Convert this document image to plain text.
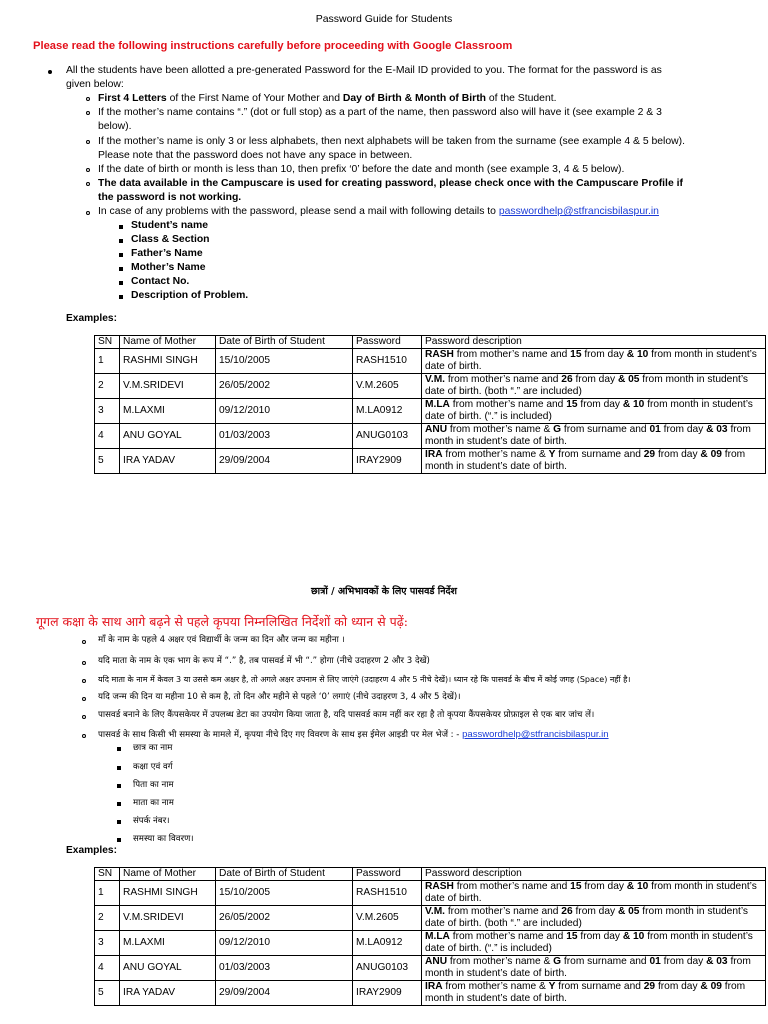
Password Guide for Students
Please read the following instructions carefully before proceeding with Google Classroom
All the students have been allotted a pre-generated Password for the E-Mail ID provided to you. The format for the password is as
given below:
First 4 Letters of the First Name of Your Mother and Day of Birth & Month of Birth of the Student.
If the mother’s name contains “.” (dot or full stop) as a part of the name, then password also will have it (see example 2 & 3
below).
If the mother’s name is only 3 or less alphabets, then next alphabets will be taken from the surname (see example 4 & 5 below).
Please note that the password does not have any space in between.
If the date of birth or month is less than 10, then prefix ‘0’ before the date and month (see example 3, 4 & 5 below).
The data available in the Campuscare is used for creating password, please check once with the Campuscare Profile if
the password is not working.
In case of any problems with the password, please send a mail with following details to passwordhelp@stfrancisbilaspur.in
Student’s name
Class & Section
Father’s Name
Mother’s Name
Contact No.
Description of Problem.
Examples:
SN	Name of Mother	Date of Birth of Student	Password	Password description
1	RASHMI SINGH	15/10/2005	RASH1510	RASH from mother’s name and 15 from day & 10 from month in student’s date of birth.
2	V.M.SRIDEVI	26/05/2002	V.M.2605	V.M. from mother’s name and 26 from day & 05 from month in student’s date of birth. (both “.” are included)
3	M.LAXMI	09/12/2010	M.LA0912	M.LA from mother’s name and 15 from day & 10 from month in student’s date of birth. (“.” is included)
4	ANU GOYAL	01/03/2003	ANUG0103	ANU from mother’s name & G from surname and 01 from day & 03 from month in student’s date of birth.
5	IRA YADAV	29/09/2004	IRAY2909	IRA from mother’s name & Y from surname and 29 from day & 09 from month in student’s date of birth.
छात्रों / अभिभावकों के लिए पासवर्ड निर्देश
गूगल कक्षा के साथ आगे बढ़ने से पहले कृपया निम्नलिखित निर्देशों को ध्यान से पढ़ें:
माँ के नाम के पहले 4 अक्षर एवं विद्यार्थी के जन्म का दिन और जन्म का महीना ।
यदि माता के नाम के एक भाग के रूप में “.” है, तब पासवर्ड में भी “.” होगा (नीचे उदाहरण 2 और 3 देखें)
यदि माता के नाम में केवल 3 या उससे कम अक्षर है, तो अगले अक्षर उपनाम से लिए जाएंगे (उदाहरण 4 और 5 नीचे देखें)। ध्यान रहे कि पासवर्ड के बीच में कोई जगह (Space) नहीं है।
यदि जन्म की दिन या महीना 10 से कम है, तो दिन और महीने से पहले ‘0’ लगाएं (नीचे उदाहरण 3, 4 और 5 देखें)।
पासवर्ड बनाने के लिए कैंपसकेयर में उपलब्ध डेटा का उपयोग किया जाता है, यदि पासवर्ड काम नहीं कर रहा है तो कृपया कैंपसकेयर प्रोफ़ाइल से एक बार जांच लें।
पासवर्ड के साथ किसी भी समस्या के मामले में, कृपया नीचे दिए गए विवरण के साथ इस ईमेल आइडी पर मेल भेजें : - passwordhelp@stfrancisbilaspur.in
छात्र का नाम
कक्षा एवं वर्ग
पिता का नाम
माता का नाम
संपर्क नंबर।
समस्या का विवरण।
Examples:
SN	Name of Mother	Date of Birth of Student	Password	Password description
1	RASHMI SINGH	15/10/2005	RASH1510	RASH from mother’s name and 15 from day & 10 from month in student’s date of birth.
2	V.M.SRIDEVI	26/05/2002	V.M.2605	V.M. from mother’s name and 26 from day & 05 from month in student’s date of birth. (both “.” are included)
3	M.LAXMI	09/12/2010	M.LA0912	M.LA from mother’s name and 15 from day & 10 from month in student’s date of birth. (“.” is included)
4	ANU GOYAL	01/03/2003	ANUG0103	ANU from mother’s name & G from surname and 01 from day & 03 from month in student’s date of birth.
5	IRA YADAV	29/09/2004	IRAY2909	IRA from mother’s name & Y from surname and 29 from day & 09 from month in student’s date of birth.
